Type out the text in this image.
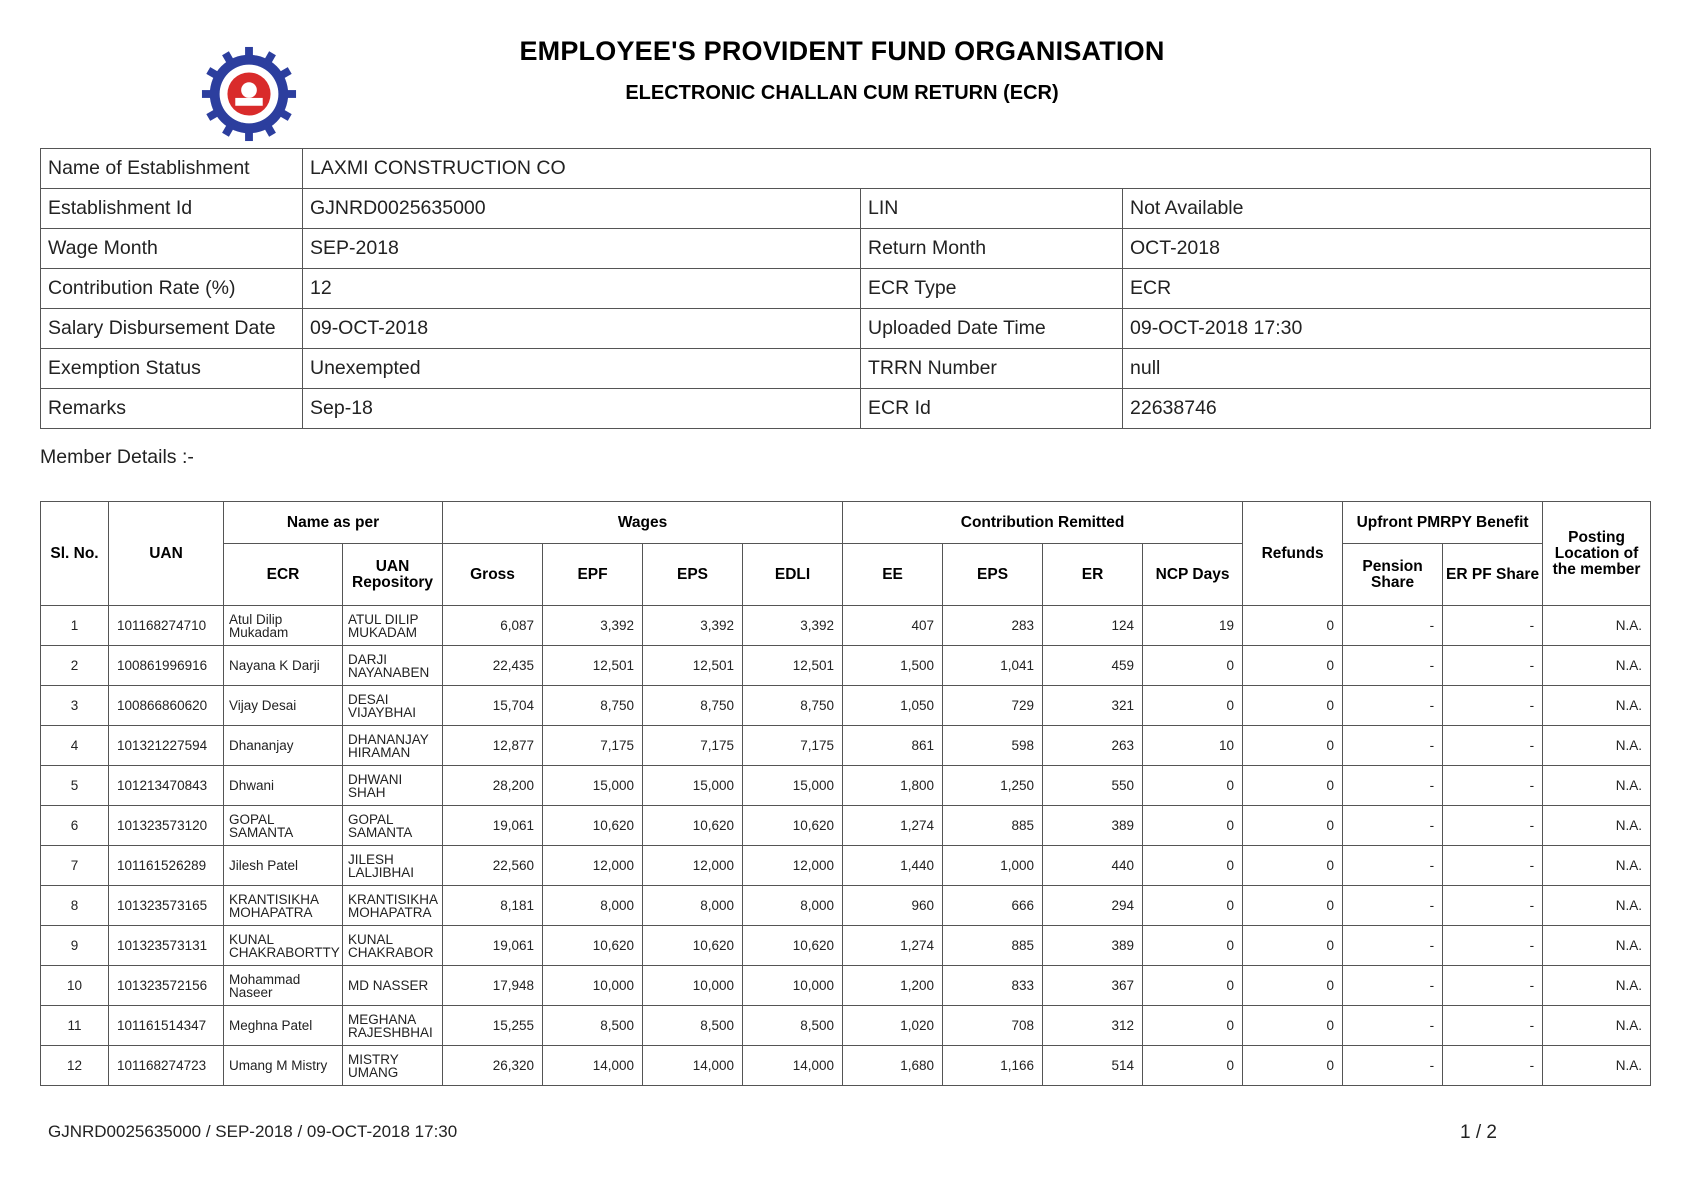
EMPLOYEE'S PROVIDENT FUND ORGANISATION
ELECTRONIC CHALLAN CUM RETURN (ECR)
Name of Establishment	LAXMI CONSTRUCTION CO		
Establishment Id	GJNRD0025635000	LIN	Not Available
Wage Month	SEP-2018	Return Month	OCT-2018
Contribution Rate (%)	12	ECR Type	ECR
Salary Disbursement Date	09-OCT-2018	Uploaded Date Time	09-OCT-2018 17:30
Exemption Status	Unexempted	TRRN Number	null
Remarks	Sep-18	ECR Id	22638746
Member Details :-
Sl. No.	UAN	Name as per		Wages				Contribution Remitted				Refunds	Upfront PMRPY Benefit		Posting Location of the member
		ECR	UAN Repository	Gross	EPF	EPS	EDLI	EE	EPS	ER	NCP Days		Pension Share	ER PF Share	
1	101168274710	Atul Dilip Mukadam	ATUL DILIP MUKADAM	6,087	3,392	3,392	3,392	407	283	124	19	0	-	-	N.A.
2	100861996916	Nayana K Darji	DARJI NAYANABEN	22,435	12,501	12,501	12,501	1,500	1,041	459	0	0	-	-	N.A.
3	100866860620	Vijay Desai	DESAI VIJAYBHAI	15,704	8,750	8,750	8,750	1,050	729	321	0	0	-	-	N.A.
4	101321227594	Dhananjay	DHANANJAY HIRAMAN	12,877	7,175	7,175	7,175	861	598	263	10	0	-	-	N.A.
5	101213470843	Dhwani	DHWANI SHAH	28,200	15,000	15,000	15,000	1,800	1,250	550	0	0	-	-	N.A.
6	101323573120	GOPAL SAMANTA	GOPAL SAMANTA	19,061	10,620	10,620	10,620	1,274	885	389	0	0	-	-	N.A.
7	101161526289	Jilesh Patel	JILESH LALJIBHAI	22,560	12,000	12,000	12,000	1,440	1,000	440	0	0	-	-	N.A.
8	101323573165	KRANTISIKHA MOHAPATRA	KRANTISIKHA MOHAPATRA	8,181	8,000	8,000	8,000	960	666	294	0	0	-	-	N.A.
9	101323573131	KUNAL CHAKRABORTTY	KUNAL CHAKRABOR	19,061	10,620	10,620	10,620	1,274	885	389	0	0	-	-	N.A.
10	101323572156	Mohammad Naseer	MD NASSER	17,948	10,000	10,000	10,000	1,200	833	367	0	0	-	-	N.A.
11	101161514347	Meghna Patel	MEGHANA RAJESHBHAI	15,255	8,500	8,500	8,500	1,020	708	312	0	0	-	-	N.A.
12	101168274723	Umang M Mistry	MISTRY UMANG	26,320	14,000	14,000	14,000	1,680	1,166	514	0	0	-	-	N.A.
GJNRD0025635000 / SEP-2018 / 09-OCT-2018 17:30	1 / 2
